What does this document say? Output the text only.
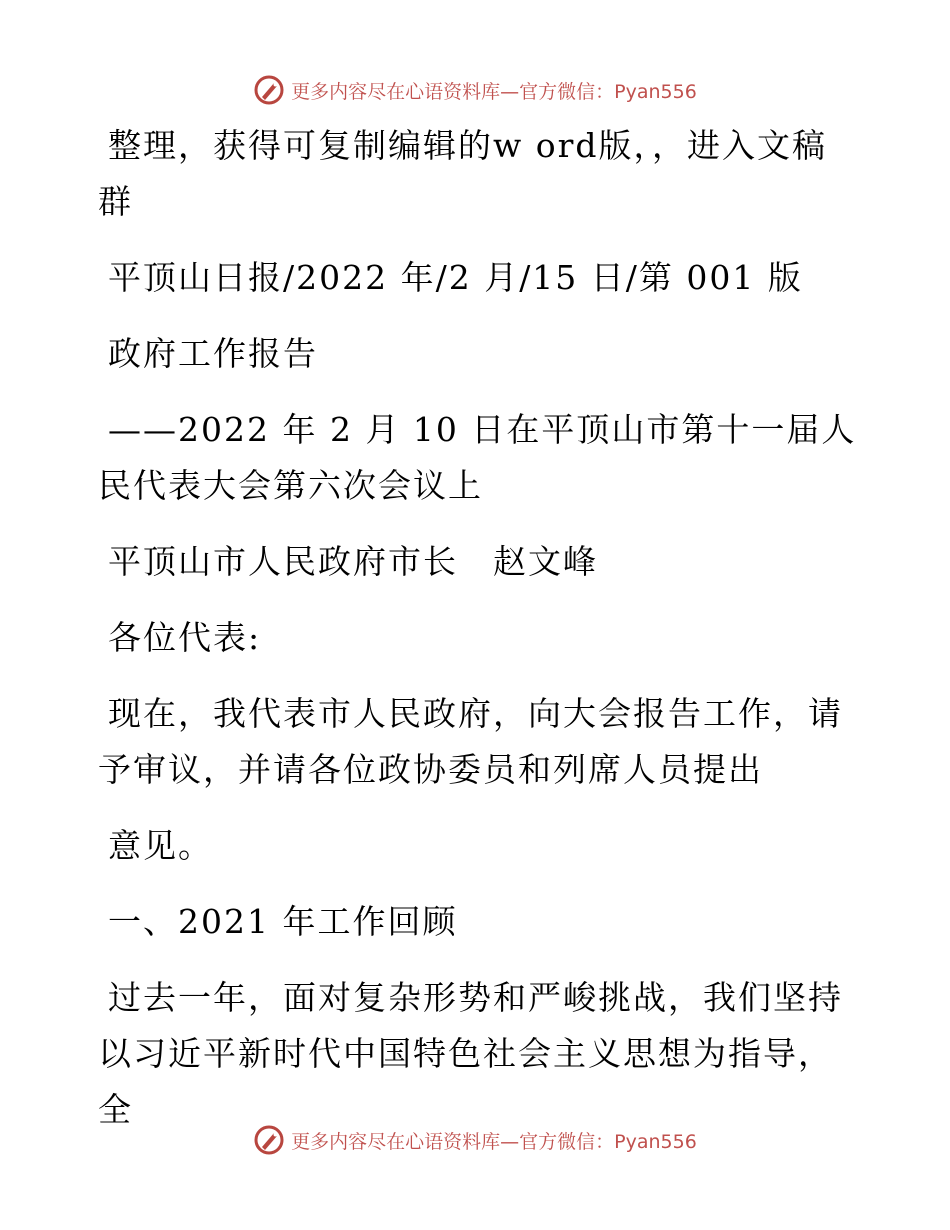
更多内容尽在心语资料库—官方微信：Pyan556

整理，获得可复制编辑的w ord版，，进入文稿群

平顶山日报/2022 年/2 月/15 日/第 001 版

政府工作报告

——2022 年 2 月 10 日在平顶山市第十一届人民代表大会第六次会议上

平顶山市人民政府市长　赵文峰

各位代表:

现在，我代表市人民政府，向大会报告工作，请予审议，并请各位政协委员和列席人员提出

意见。

一、2021 年工作回顾

过去一年，面对复杂形势和严峻挑战，我们坚持以习近平新时代中国特色社会主义思想为指导，全

更多内容尽在心语资料库—官方微信：Pyan556
